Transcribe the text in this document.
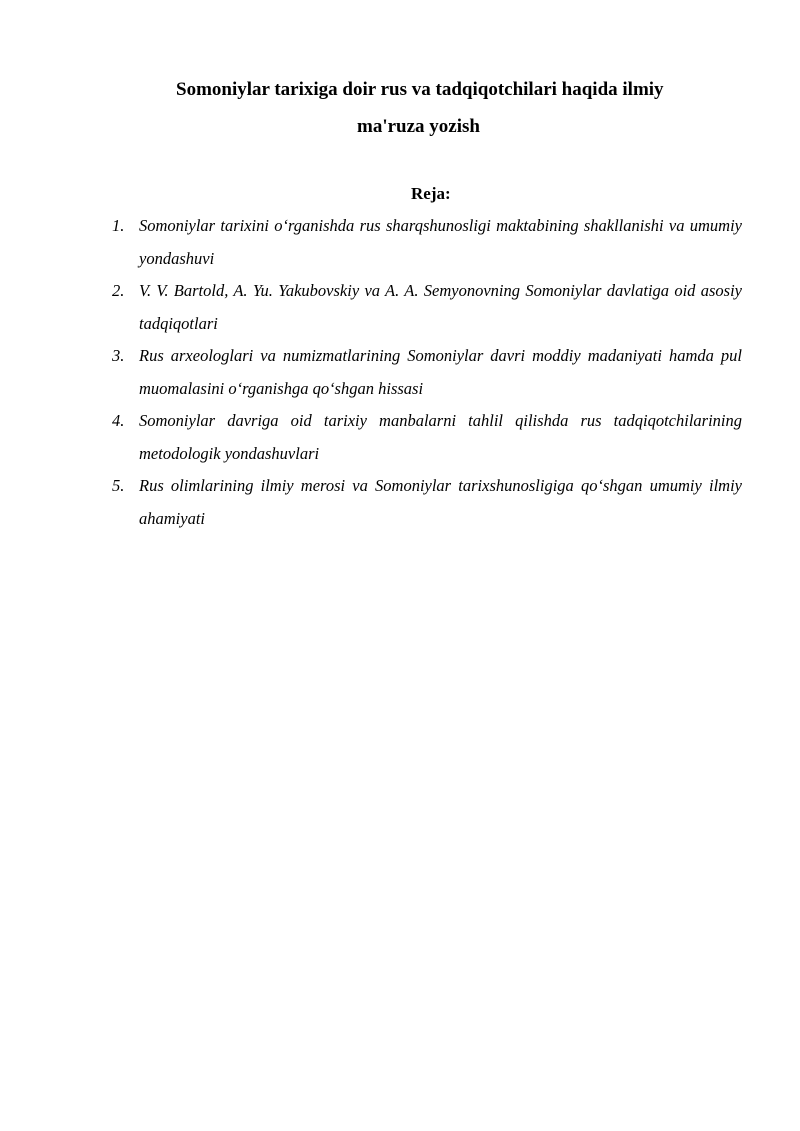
Somoniylar tarixiga doir rus va tadqiqotchilari haqida ilmiy
ma'ruza yozish
Reja:
1. Somoniylar tarixini o‘rganishda rus sharqshunosligi maktabining shakllanishi va umumiy yondashuvi
2. V. V. Bartold, A. Yu. Yakubovskiy va A. A. Semyonovning Somoniylar davlatiga oid asosiy tadqiqotlari
3. Rus arxeologlari va numizmatlarining Somoniylar davri moddiy madaniyati hamda pul muomalasini o‘rganishga qo‘shgan hissasi
4. Somoniylar davriga oid tarixiy manbalarni tahlil qilishda rus tadqiqotchilarining metodologik yondashuvlari
5. Rus olimlarining ilmiy merosi va Somoniylar tarixshunosligiga qo‘shgan umumiy ilmiy ahamiyati
